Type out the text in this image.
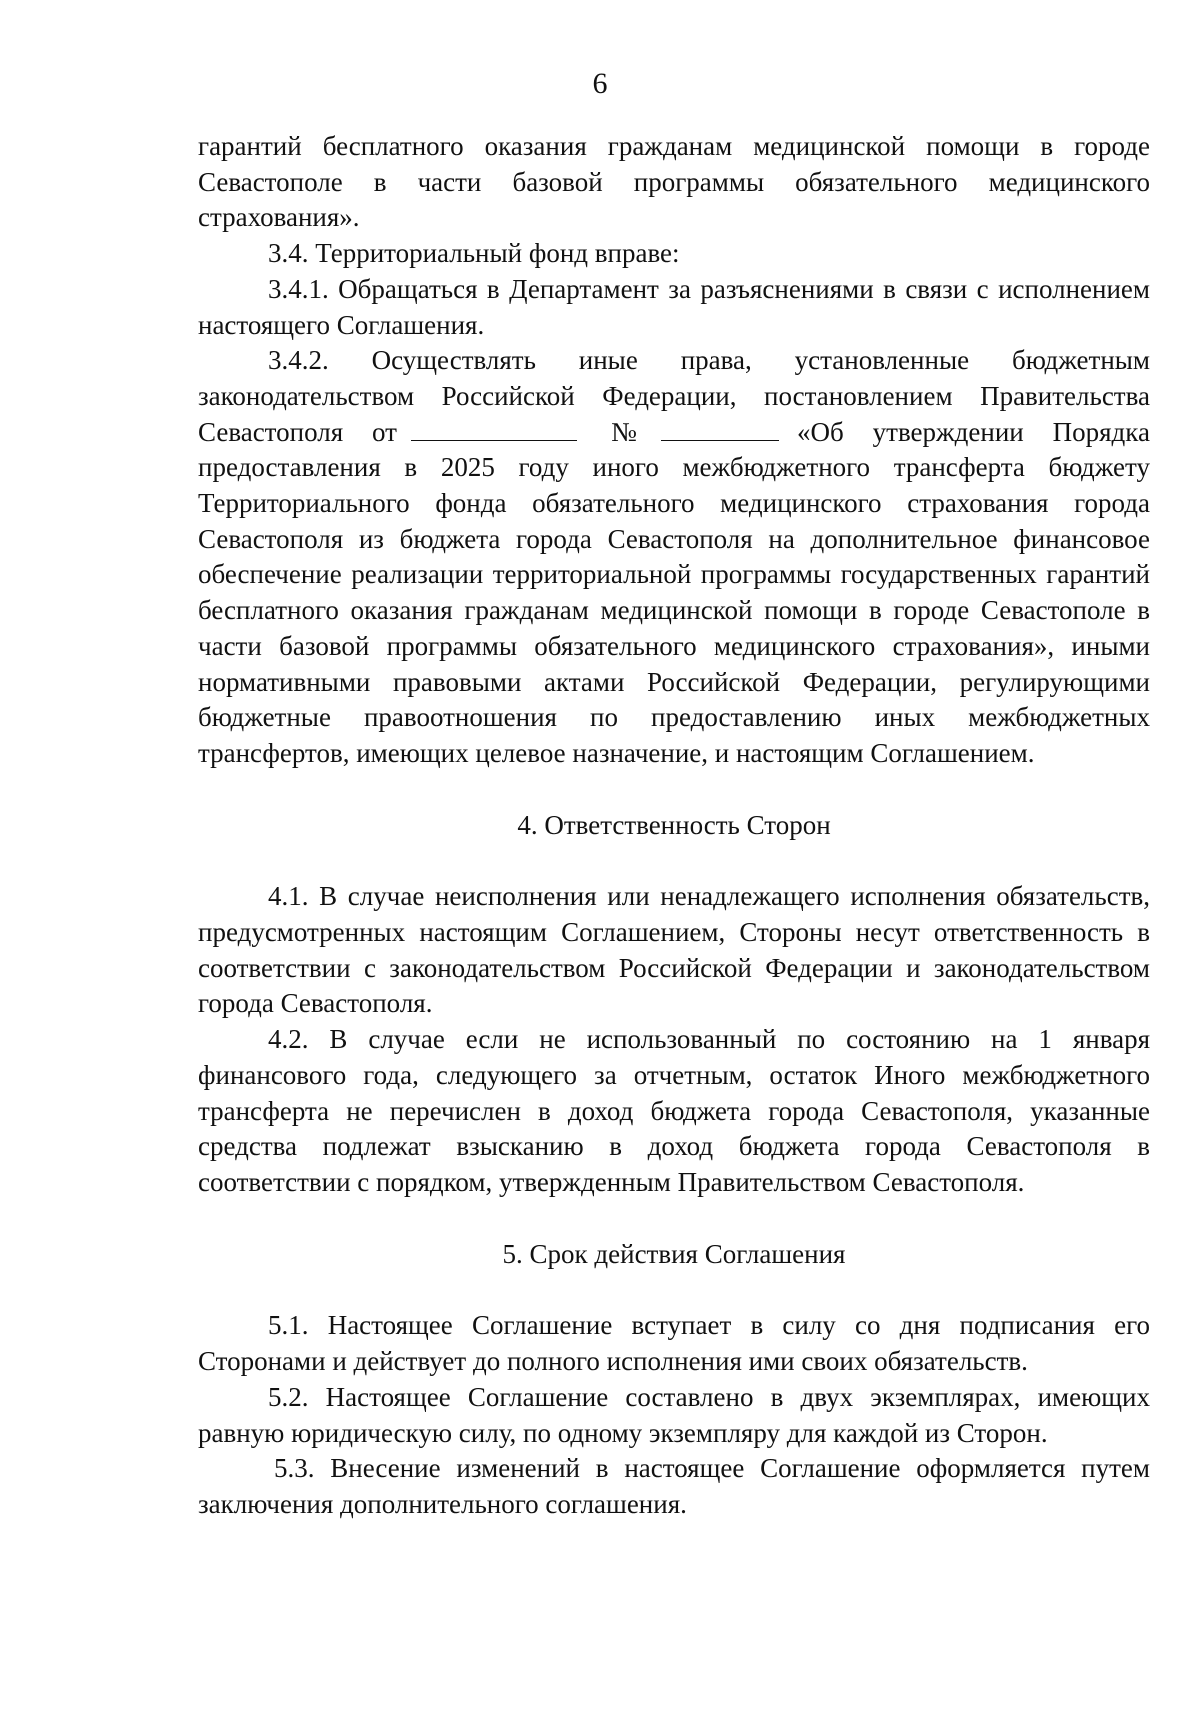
6

гарантий бесплатного оказания гражданам медицинской помощи в городе Севастополе в части базовой программы обязательного медицинского страхования».

3.4. Территориальный фонд вправе:

3.4.1. Обращаться в Департамент за разъяснениями в связи с исполнением настоящего Соглашения.

3.4.2. Осуществлять иные права, установленные бюджетным законодательством Российской Федерации, постановлением Правительства Севастополя от	№	«Об утверждении Порядка предоставления в 2025 году иного межбюджетного трансферта бюджету Территориального фонда обязательного медицинского страхования города Севастополя из бюджета города Севастополя на дополнительное финансовое обеспечение реализации территориальной программы государственных гарантий бесплатного оказания гражданам медицинской помощи в городе Севастополе в части базовой программы обязательного медицинского страхования», иными нормативными правовыми актами Российской Федерации, регулирующими бюджетные правоотношения по предоставлению иных межбюджетных трансфертов, имеющих целевое назначение, и настоящим Соглашением.

4. Ответственность Сторон

4.1. В случае неисполнения или ненадлежащего исполнения обязательств, предусмотренных настоящим Соглашением, Стороны несут ответственность в соответствии с законодательством Российской Федерации и законодательством города Севастополя.

4.2. В случае если не использованный по состоянию на 1 января финансового года, следующего за отчетным, остаток Иного межбюджетного трансферта не перечислен в доход бюджета города Севастополя, указанные средства подлежат взысканию в доход бюджета города Севастополя в соответствии с порядком, утвержденным Правительством Севастополя.

5. Срок действия Соглашения

5.1. Настоящее Соглашение вступает в силу со дня подписания его Сторонами и действует до полного исполнения ими своих обязательств.

5.2. Настоящее Соглашение составлено в двух экземплярах, имеющих равную юридическую силу, по одному экземпляру для каждой из Сторон.

5.3. Внесение изменений в настоящее Соглашение оформляется путем заключения дополнительного соглашения.
